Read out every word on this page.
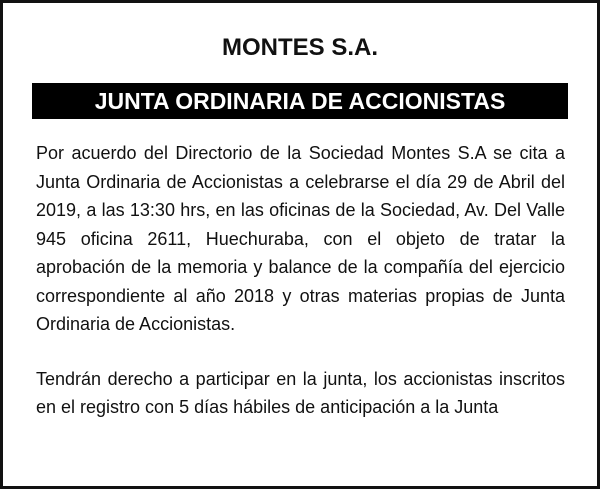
MONTES S.A.
JUNTA ORDINARIA DE ACCIONISTAS

Por acuerdo del Directorio de la Sociedad Montes S.A se cita a Junta Ordinaria de Accionistas a celebrarse el día 29 de Abril del 2019, a las 13:30 hrs, en las oficinas de la Sociedad, Av. Del Valle 945 oficina 2611, Huechuraba, con el objeto de tratar la aprobación de la memoria y balance de la compañía del ejercicio correspondiente al año 2018 y otras materias propias de Junta Ordinaria de Accionistas.

Tendrán derecho a participar en la junta, los accionistas inscritos en el registro con 5 días hábiles de anticipación a la Junta
